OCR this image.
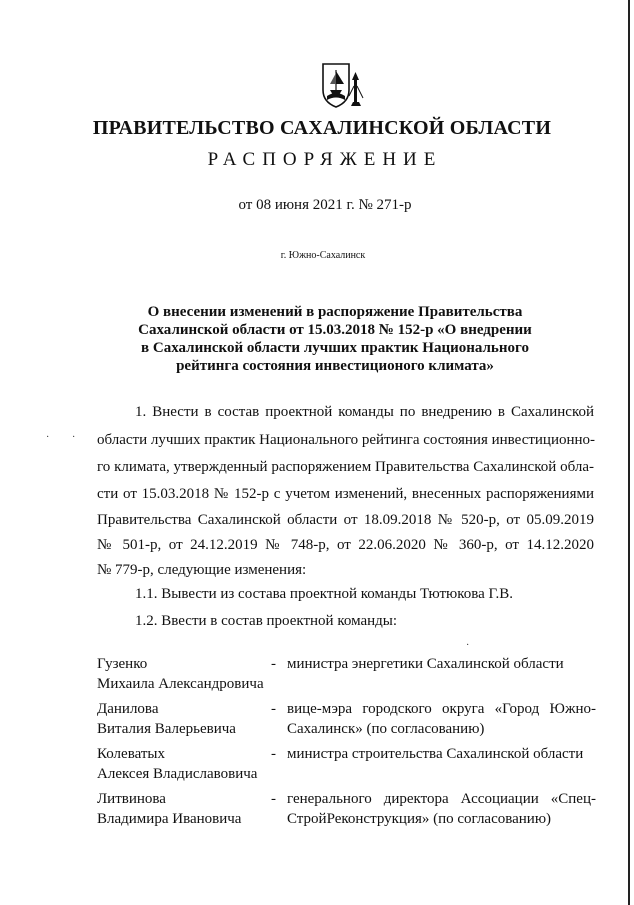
ПРАВИТЕЛЬСТВО САХАЛИНСКОЙ ОБЛАСТИ
РАСПОРЯЖЕНИЕ
от 08 июня 2021 г. № 271-р
г. Южно-Сахалинск
О внесении изменений в распоряжение Правительства
Сахалинской области от 15.03.2018 № 152-р «О внедрении
в Сахалинской области лучших практик Национального
рейтинга состояния инвестиционого климата»
1. Внести в состав проектной команды по внедрению в Сахалинской
области лучших практик Национального рейтинга состояния инвестиционно-
го климата, утвержденный распоряжением Правительства Сахалинской обла-
сти от 15.03.2018 № 152-р с учетом изменений, внесенных распоряжениями
Правительства Сахалинской области от 18.09.2018 № 520-р, от 05.09.2019
№ 501-р, от 24.12.2019 № 748-р, от 22.06.2020 № 360-р, от 14.12.2020
№ 779-р, следующие изменения:
1.1. Вывести из состава проектной команды Тютюкова Г.В.
1.2. Ввести в состав проектной команды:
Гузенко
Михаила Александровича
- министра энергетики Сахалинской области
Данилова
Виталия Валерьевича
- вице-мэра городского округа «Город Южно-
Сахалинск» (по согласованию)
Колеватых
Алексея Владиславовича
- министра строительства Сахалинской области
Литвинова
Владимира Ивановича
- генерального директора Ассоциации «Спец-
СтройРеконструкция» (по согласованию)
· ·
·
